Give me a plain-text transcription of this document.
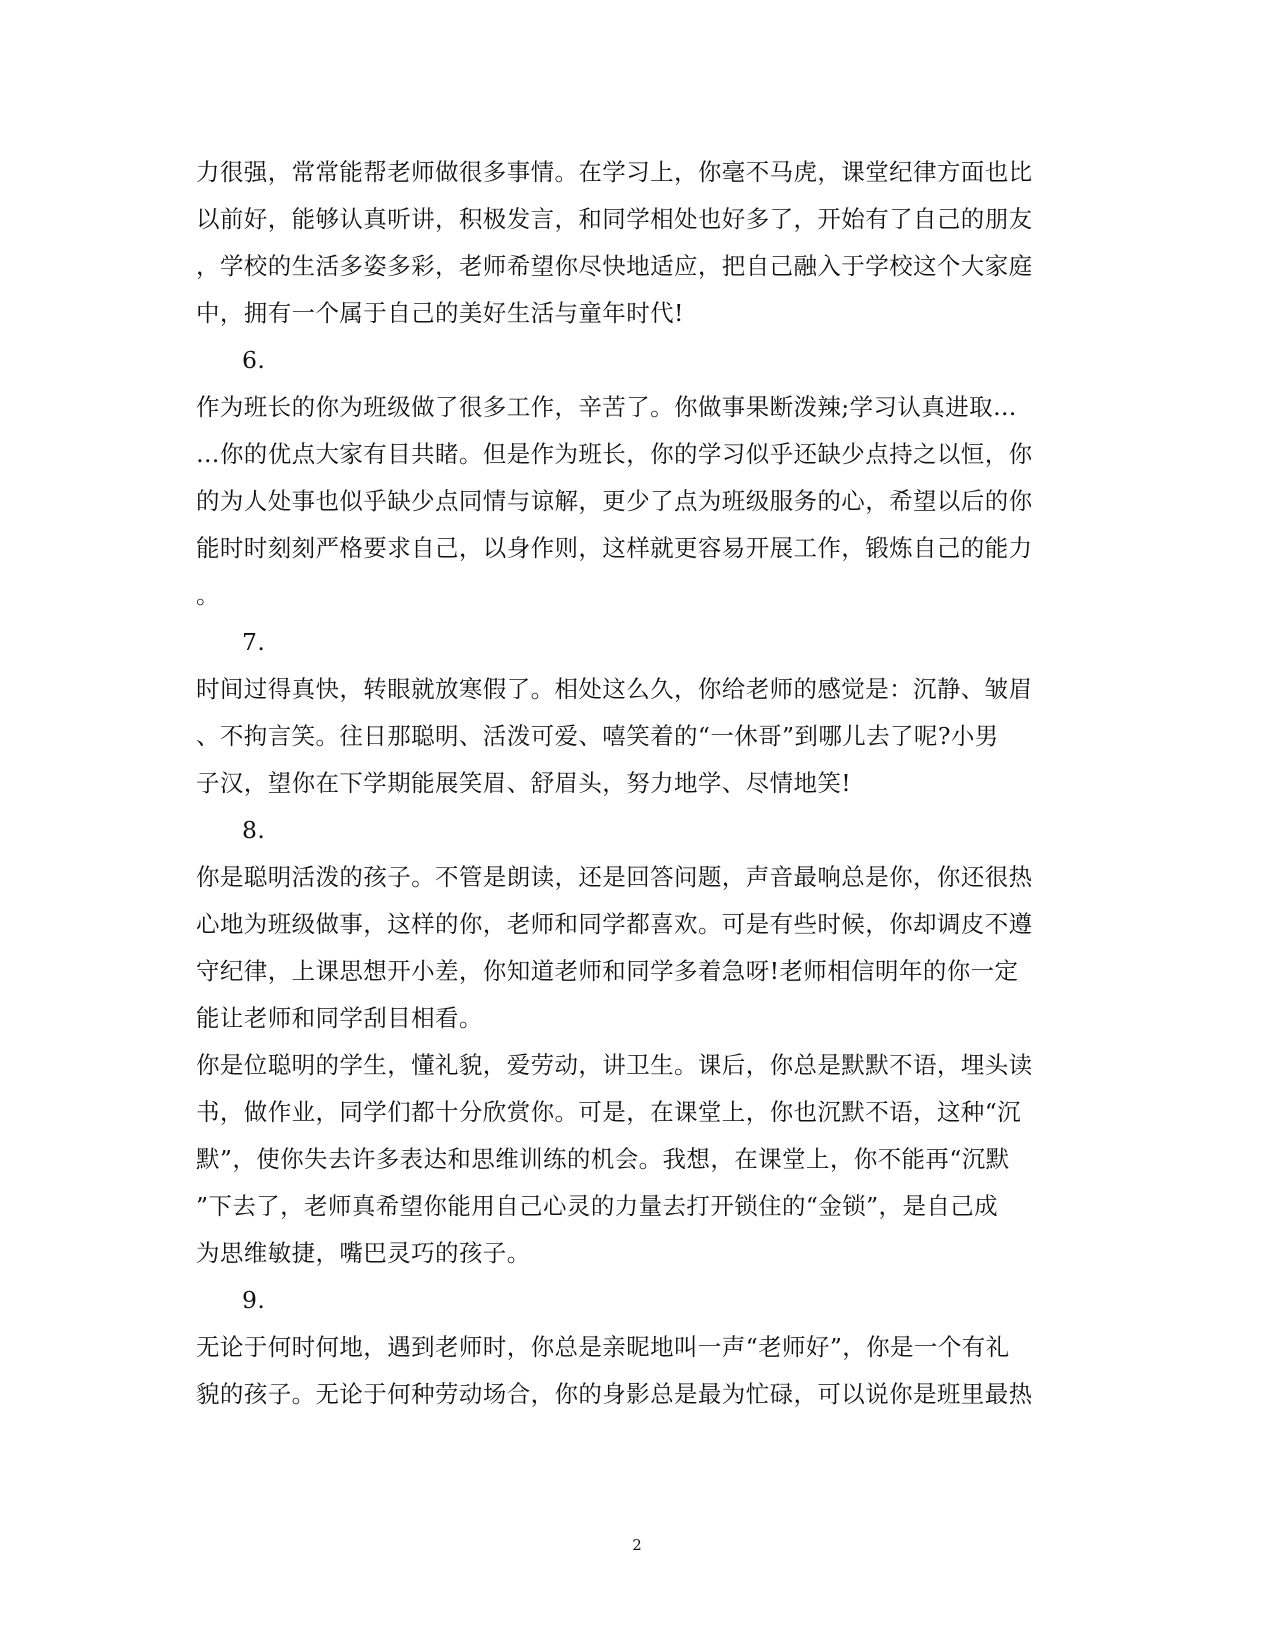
力很强，常常能帮老师做很多事情。在学习上，你毫不马虎，课堂纪律方面也比
以前好，能够认真听讲，积极发言，和同学相处也好多了，开始有了自己的朋友
，学校的生活多姿多彩，老师希望你尽快地适应，把自己融入于学校这个大家庭
中，拥有一个属于自己的美好生活与童年时代!
6.
作为班长的你为班级做了很多工作，辛苦了。你做事果断泼辣;学习认真进取…
…你的优点大家有目共睹。但是作为班长，你的学习似乎还缺少点持之以恒，你
的为人处事也似乎缺少点同情与谅解，更少了点为班级服务的心，希望以后的你
能时时刻刻严格要求自己，以身作则，这样就更容易开展工作，锻炼自己的能力
。
7.
时间过得真快，转眼就放寒假了。相处这么久，你给老师的感觉是：沉静、皱眉
、不拘言笑。往日那聪明、活泼可爱、嘻笑着的“一休哥”到哪儿去了呢?小男
子汉，望你在下学期能展笑眉、舒眉头，努力地学、尽情地笑!
8.
你是聪明活泼的孩子。不管是朗读，还是回答问题，声音最响总是你，你还很热
心地为班级做事，这样的你，老师和同学都喜欢。可是有些时候，你却调皮不遵
守纪律，上课思想开小差，你知道老师和同学多着急呀!老师相信明年的你一定
能让老师和同学刮目相看。
你是位聪明的学生，懂礼貌，爱劳动，讲卫生。课后，你总是默默不语，埋头读
书，做作业，同学们都十分欣赏你。可是，在课堂上，你也沉默不语，这种“沉
默”，使你失去许多表达和思维训练的机会。我想，在课堂上，你不能再“沉默
”下去了，老师真希望你能用自己心灵的力量去打开锁住的“金锁”，是自己成
为思维敏捷，嘴巴灵巧的孩子。
9.
无论于何时何地，遇到老师时，你总是亲昵地叫一声“老师好”，你是一个有礼
貌的孩子。无论于何种劳动场合，你的身影总是最为忙碌，可以说你是班里最热
2
